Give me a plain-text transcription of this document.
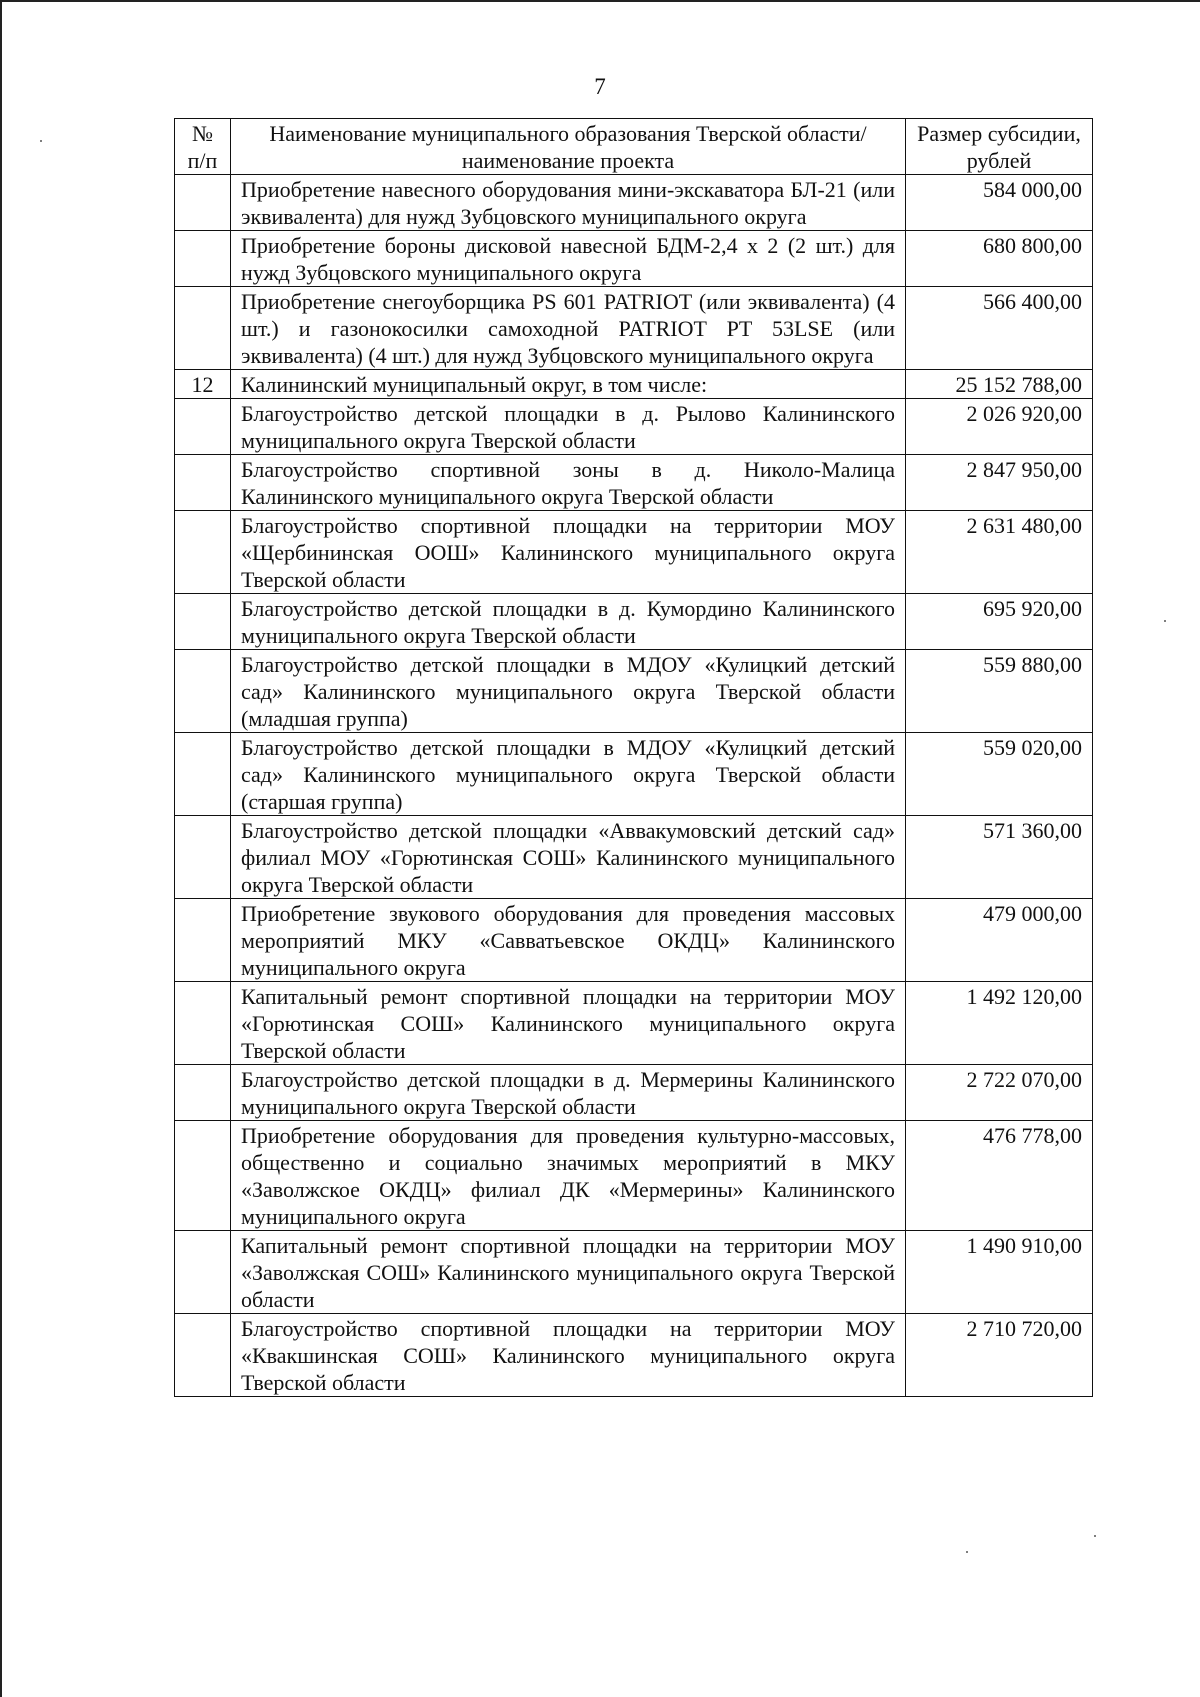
7
№ п/п	Наименование муниципального образования Тверской области/наименование проекта	Размер субсидии, рублей
	Приобретение навесного оборудования мини-экскаватора БЛ-21 (или эквивалента) для нужд Зубцовского муниципального округа	584 000,00
	Приобретение бороны дисковой навесной БДМ-2,4 х 2 (2 шт.) для нужд Зубцовского муниципального округа	680 800,00
	Приобретение снегоуборщика PS 601 PATRIOT (или эквивалента) (4 шт.) и газонокосилки самоходной PATRIOT PT 53LSE (или эквивалента) (4 шт.) для нужд Зубцовского муниципального округа	566 400,00
12	Калининский муниципальный округ, в том числе:	25 152 788,00
	Благоустройство детской площадки в д. Рылово Калининского муниципального округа Тверской области	2 026 920,00
	Благоустройство спортивной зоны в д. Николо-Малица Калининского муниципального округа Тверской области	2 847 950,00
	Благоустройство спортивной площадки на территории МОУ «Щербининская ООШ» Калининского муниципального округа Тверской области	2 631 480,00
	Благоустройство детской площадки в д. Кумордино Калининского муниципального округа Тверской области	695 920,00
	Благоустройство детской площадки в МДОУ «Кулицкий детский сад» Калининского муниципального округа Тверской области (младшая группа)	559 880,00
	Благоустройство детской площадки в МДОУ «Кулицкий детский сад» Калининского муниципального округа Тверской области (старшая группа)	559 020,00
	Благоустройство детской площадки «Аввакумовский детский сад» филиал МОУ «Горютинская СОШ» Калининского муниципального округа Тверской области	571 360,00
	Приобретение звукового оборудования для проведения массовых мероприятий МКУ «Савватьевское ОКДЦ» Калининского муниципального округа	479 000,00
	Капитальный ремонт спортивной площадки на территории МОУ «Горютинская СОШ» Калининского муниципального округа Тверской области	1 492 120,00
	Благоустройство детской площадки в д. Мермерины Калининского муниципального округа Тверской области	2 722 070,00
	Приобретение оборудования для проведения культурно-массовых, общественно и социально значимых мероприятий в МКУ «Заволжское ОКДЦ» филиал ДК «Мермерины» Калининского муниципального округа	476 778,00
	Капитальный ремонт спортивной площадки на территории МОУ «Заволжская СОШ» Калининского муниципального округа Тверской области	1 490 910,00
	Благоустройство спортивной площадки на территории МОУ «Квакшинская СОШ» Калининского муниципального округа Тверской области	2 710 720,00
